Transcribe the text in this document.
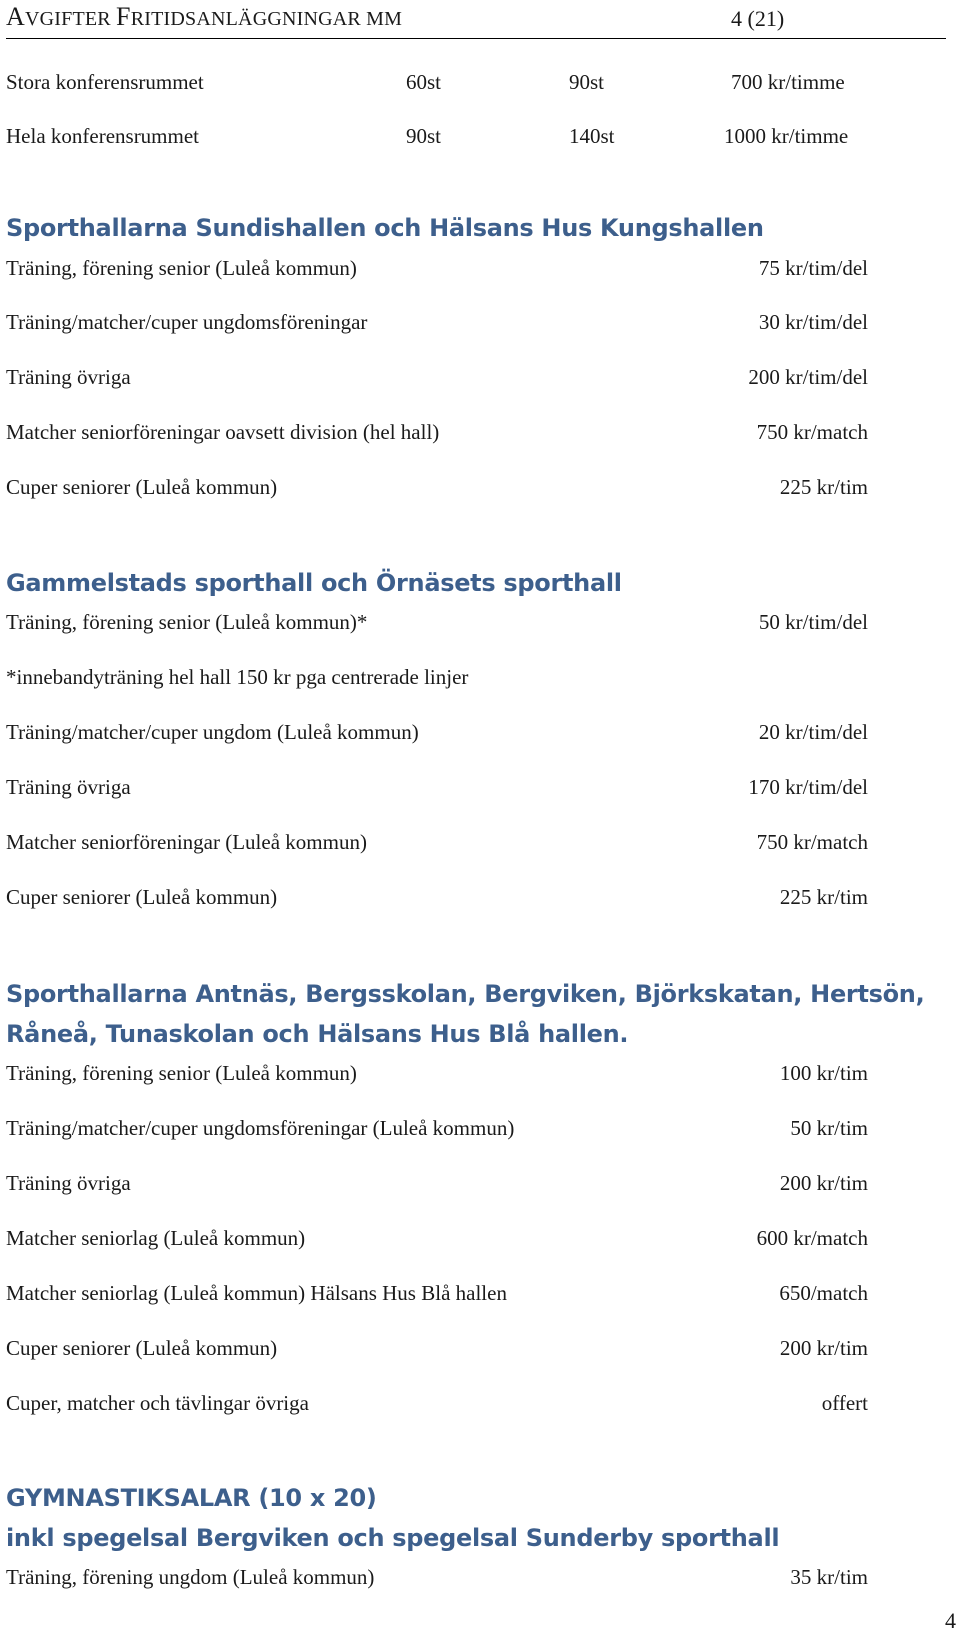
AVGIFTER FRITIDSANLÄGGNINGAR MM	4 (21)
Stora konferensrummet	60st	90st	700 kr/timme
Hela konferensrummet	90st	140st	1000 kr/timme
Sporthallarna Sundishallen och Hälsans Hus Kungshallen
Träning, förening senior (Luleå kommun)	75 kr/tim/del
Träning/matcher/cuper ungdomsföreningar	30 kr/tim/del
Träning övriga	200 kr/tim/del
Matcher seniorföreningar oavsett division (hel hall)	750 kr/match
Cuper seniorer (Luleå kommun)	225 kr/tim
Gammelstads sporthall och Örnäsets sporthall
Träning, förening senior (Luleå kommun)*	50 kr/tim/del
*innebandyträning hel hall 150 kr pga centrerade linjer
Träning/matcher/cuper ungdom (Luleå kommun)	20 kr/tim/del
Träning övriga	170 kr/tim/del
Matcher seniorföreningar (Luleå kommun)	750 kr/match
Cuper seniorer (Luleå kommun)	225 kr/tim
Sporthallarna Antnäs, Bergsskolan, Bergviken, Björkskatan, Hertsön,
Råneå, Tunaskolan och Hälsans Hus Blå hallen.
Träning, förening senior (Luleå kommun)	100 kr/tim
Träning/matcher/cuper ungdomsföreningar (Luleå kommun)	50 kr/tim
Träning övriga	200 kr/tim
Matcher seniorlag (Luleå kommun)	600 kr/match
Matcher seniorlag (Luleå kommun) Hälsans Hus Blå hallen	650/match
Cuper seniorer (Luleå kommun)	200 kr/tim
Cuper, matcher och tävlingar övriga	offert
GYMNASTIKSALAR (10 x 20)
inkl spegelsal Bergviken och spegelsal Sunderby sporthall
Träning, förening ungdom (Luleå kommun)	35 kr/tim
4
